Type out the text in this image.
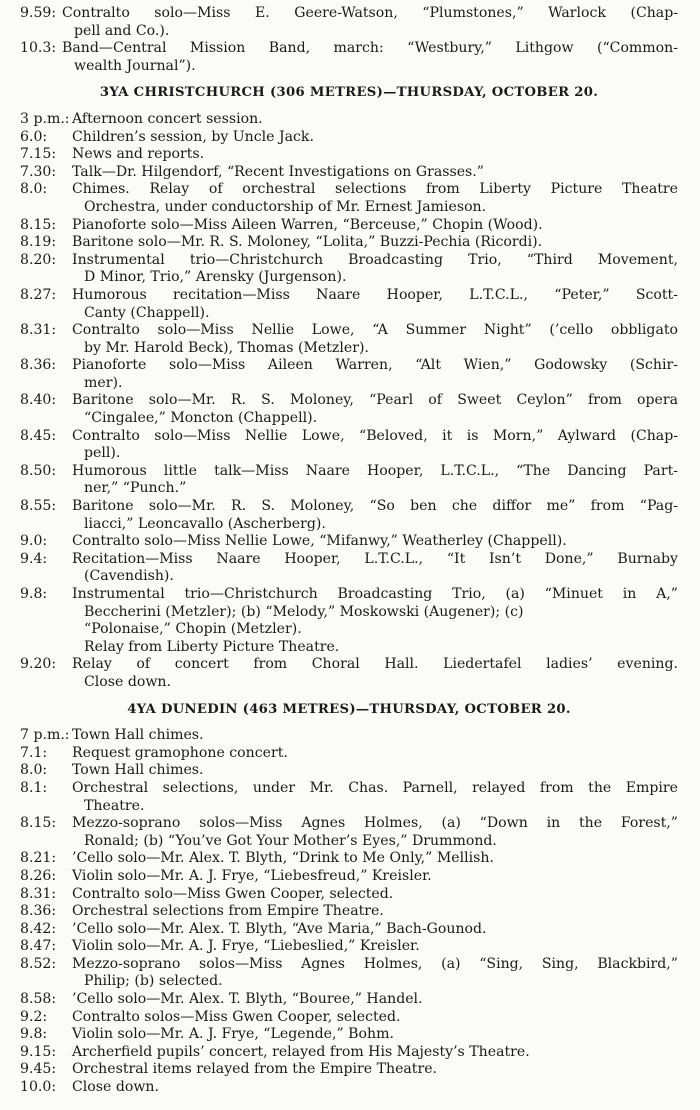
9.59: Contralto solo—Miss E. Geere-Watson, “Plumstones,” Warlock (Chap-
pell and Co.).
10.3: Band—Central Mission Band, march: “Westbury,” Lithgow (“Common-
wealth Journal”).
3YA CHRISTCHURCH (306 METRES)—THURSDAY, OCTOBER 20.
3 p.m.: Afternoon concert session.
6.0:	Children’s session, by Uncle Jack.
7.15:	News and reports.
7.30:	Talk—Dr. Hilgendorf, “Recent Investigations on Grasses.”
8.0:	Chimes. Relay of orchestral selections from Liberty Picture Theatre
Orchestra, under conductorship of Mr. Ernest Jamieson.
8.15:	Pianoforte solo—Miss Aileen Warren, “Berceuse,” Chopin (Wood).
8.19:	Baritone solo—Mr. R. S. Moloney, “Lolita,” Buzzi-Pechia (Ricordi).
8.20:	Instrumental trio—Christchurch Broadcasting Trio, “Third Movement,
D Minor, Trio,” Arensky (Jurgenson).
8.27:	Humorous recitation—Miss Naare Hooper, L.T.C.L., “Peter,” Scott-
Canty (Chappell).
8.31:	Contralto solo—Miss Nellie Lowe, “A Summer Night” (’cello obbligato
by Mr. Harold Beck), Thomas (Metzler).
8.36:	Pianoforte solo—Miss Aileen Warren, “Alt Wien,” Godowsky (Schir-
mer).
8.40:	Baritone solo—Mr. R. S. Moloney, “Pearl of Sweet Ceylon” from opera
“Cingalee,” Moncton (Chappell).
8.45:	Contralto solo—Miss Nellie Lowe, “Beloved, it is Morn,” Aylward (Chap-
pell).
8.50:	Humorous little talk—Miss Naare Hooper, L.T.C.L., “The Dancing Part-
ner,” “Punch.”
8.55:	Baritone solo—Mr. R. S. Moloney, “So ben che diffor me” from “Pag-
liacci,” Leoncavallo (Ascherberg).
9.0:	Contralto solo—Miss Nellie Lowe, “Mifanwy,” Weatherley (Chappell).
9.4:	Recitation—Miss Naare Hooper, L.T.C.L., “It Isn’t Done,” Burnaby
(Cavendish).
9.8:	Instrumental trio—Christchurch Broadcasting Trio, (a) “Minuet in A,”
Beccherini (Metzler); (b) “Melody,” Moskowski (Augener); (c)
“Polonaise,” Chopin (Metzler).
Relay from Liberty Picture Theatre.
9.20:	Relay of concert from Choral Hall. Liedertafel ladies’ evening.
Close down.
4YA DUNEDIN (463 METRES)—THURSDAY, OCTOBER 20.
7 p.m.: Town Hall chimes.
7.1:	Request gramophone concert.
8.0:	Town Hall chimes.
8.1:	Orchestral selections, under Mr. Chas. Parnell, relayed from the Empire
Theatre.
8.15:	Mezzo-soprano solos—Miss Agnes Holmes, (a) “Down in the Forest,”
Ronald; (b) “You’ve Got Your Mother’s Eyes,” Drummond.
8.21:	’Cello solo—Mr. Alex. T. Blyth, “Drink to Me Only,” Mellish.
8.26:	Violin solo—Mr. A. J. Frye, “Liebesfreud,” Kreisler.
8.31:	Contralto solo—Miss Gwen Cooper, selected.
8.36:	Orchestral selections from Empire Theatre.
8.42:	’Cello solo—Mr. Alex. T. Blyth, “Ave Maria,” Bach-Gounod.
8.47:	Violin solo—Mr. A. J. Frye, “Liebeslied,” Kreisler.
8.52:	Mezzo-soprano solos—Miss Agnes Holmes, (a) “Sing, Sing, Blackbird,”
Philip; (b) selected.
8.58:	’Cello solo—Mr. Alex. T. Blyth, “Bouree,” Handel.
9.2:	Contralto solos—Miss Gwen Cooper, selected.
9.8:	Violin solo—Mr. A. J. Frye, “Legende,” Bohm.
9.15:	Archerfield pupils’ concert, relayed from His Majesty’s Theatre.
9.45:	Orchestral items relayed from the Empire Theatre.
10.0:	Close down.
